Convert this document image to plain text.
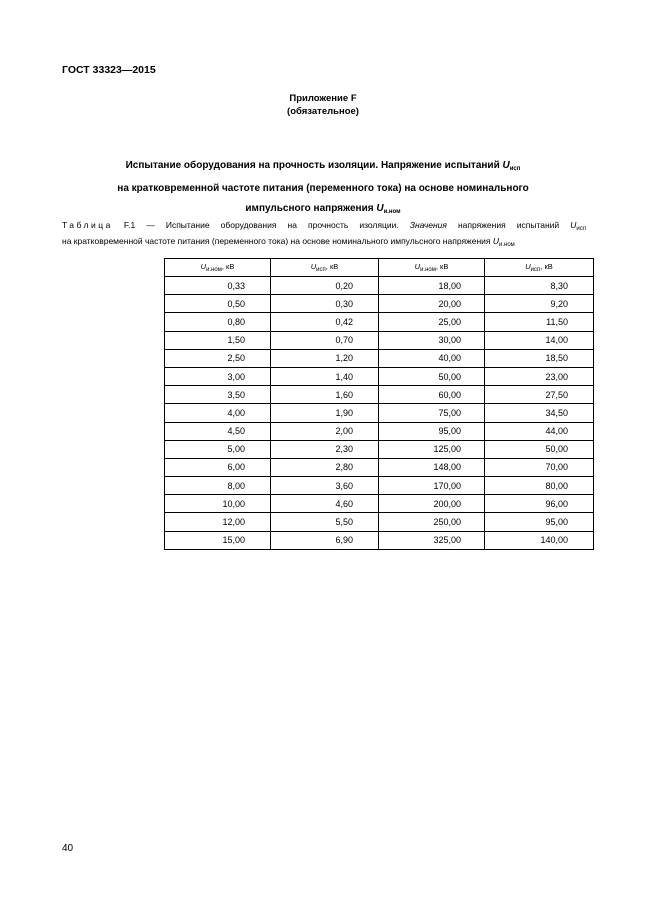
ГОСТ 33323—2015
Приложение F
(обязательное)
Испытание оборудования на прочность изоляции. Напряжение испытаний $U_{исп}$
на кратковременной частоте питания (переменного тока) на основе номинального
импульсного напряжения $U_{и.ном}$
Таблица F.1 — Испытание оборудования на прочность изоляции. Значения напряжения испытаний $U_{исп}$
на кратковременной частоте питания (переменного тока) на основе номинального импульсного напряжения $U_{и.ном}$
$U_{и.ном}$, кВ	$U_{исп}$, кВ	$U_{и.ном}$, кВ	$U_{исп}$, кВ
0,33	0,20	18,00	8,30
0,50	0,30	20,00	9,20
0,80	0,42	25,00	11,50
1,50	0,70	30,00	14,00
2,50	1,20	40,00	18,50
3,00	1,40	50,00	23,00
3,50	1,60	60,00	27,50
4,00	1,90	75,00	34,50
4,50	2,00	95,00	44,00
5,00	2,30	125,00	50,00
6,00	2,80	148,00	70,00
8,00	3,60	170,00	80,00
10,00	4,60	200,00	96,00
12,00	5,50	250,00	95,00
15,00	6,90	325,00	140,00
40
